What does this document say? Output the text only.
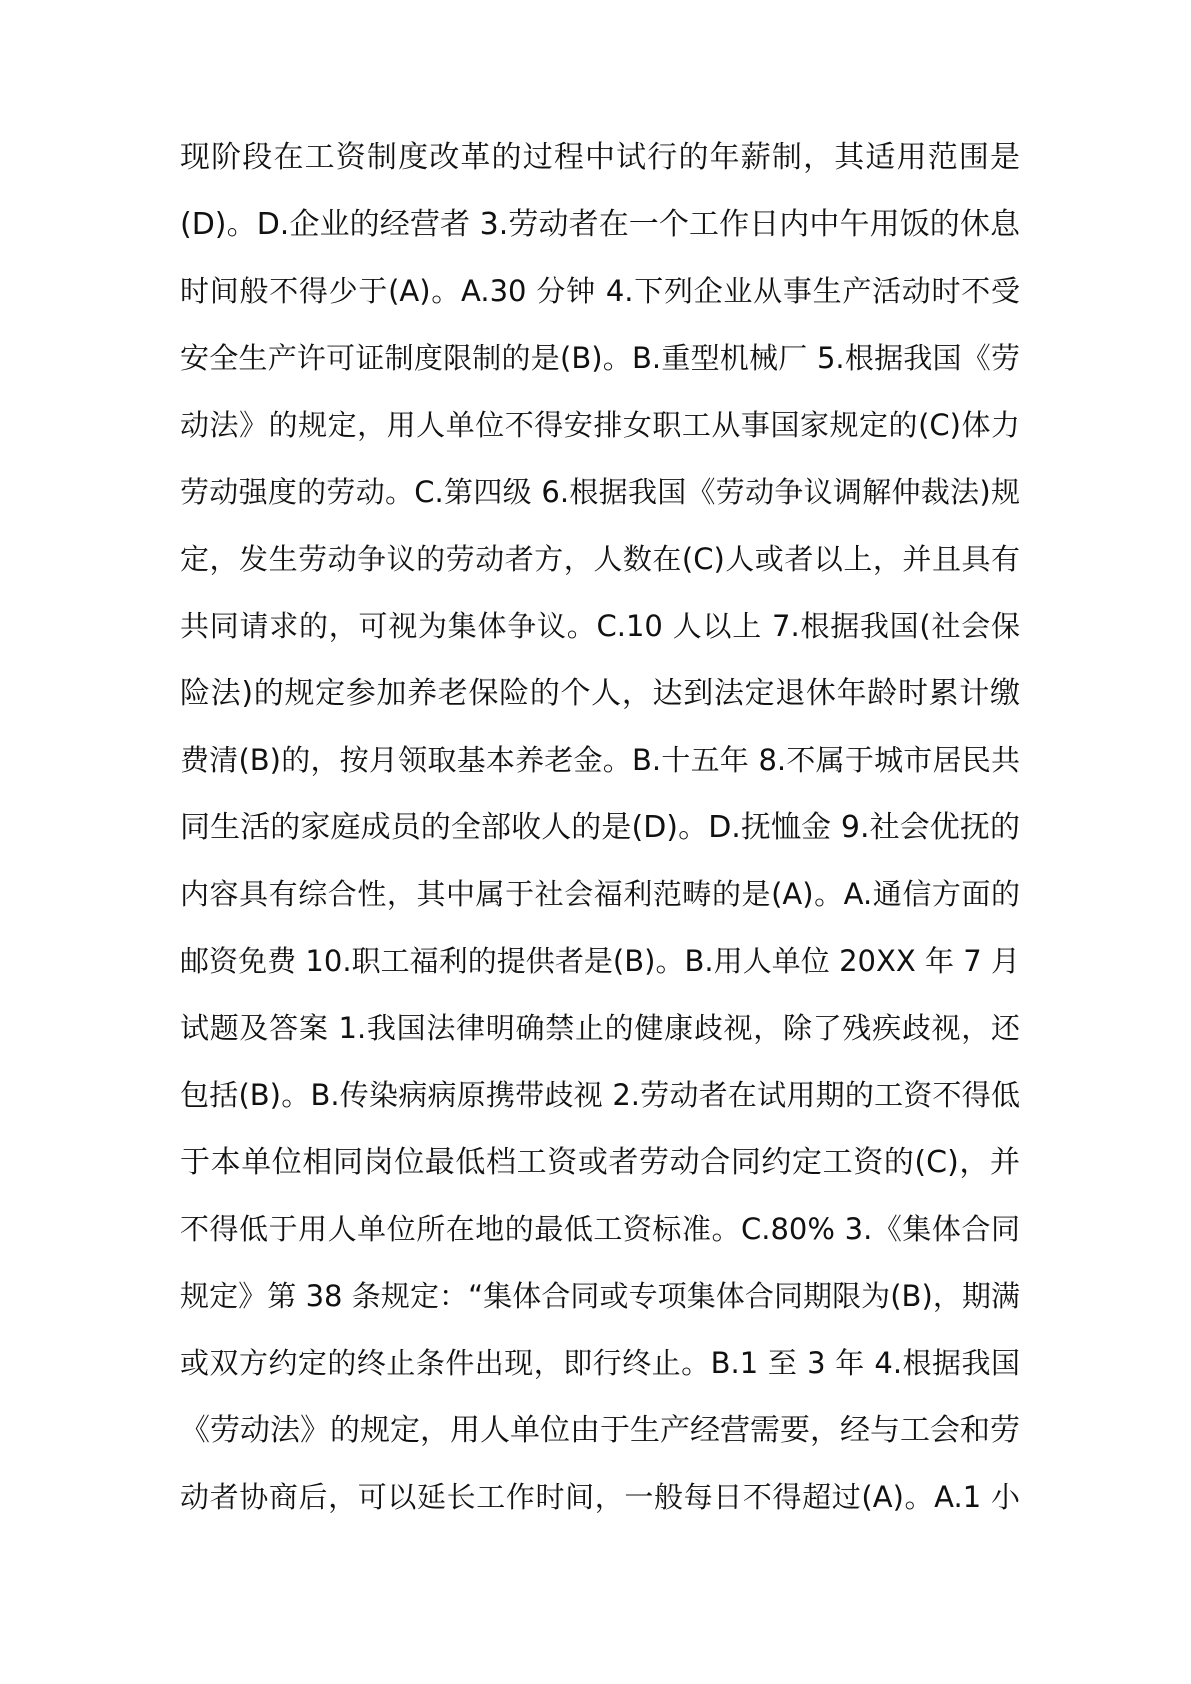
现阶段在工资制度改革的过程中试行的年薪制，其适用范围是
(D)。D.企业的经营者 3.劳动者在一个工作日内中午用饭的休息
时间般不得少于(A)。A.30 分钟 4.下列企业从事生产活动时不受
安全生产许可证制度限制的是(B)。B.重型机械厂 5.根据我国《劳
动法》的规定，用人单位不得安排女职工从事国家规定的(C)体力
劳动强度的劳动。C.第四级 6.根据我国《劳动争议调解仲裁法)规
定，发生劳动争议的劳动者方，人数在(C)人或者以上，并且具有
共同请求的，可视为集体争议。C.10 人以上 7.根据我国(社会保
险法)的规定参加养老保险的个人，达到法定退休年龄时累计缴
费清(B)的，按月领取基本养老金。B.十五年 8.不属于城市居民共
同生活的家庭成员的全部收人的是(D)。D.抚恤金 9.社会优抚的
内容具有综合性，其中属于社会福利范畴的是(A)。A.通信方面的
邮资免费 10.职工福利的提供者是(B)。B.用人单位 20XX 年 7 月
试题及答案 1.我国法律明确禁止的健康歧视，除了残疾歧视，还
包括(B)。B.传染病病原携带歧视 2.劳动者在试用期的工资不得低
于本单位相同岗位最低档工资或者劳动合同约定工资的(C)，并
不得低于用人单位所在地的最低工资标准。C.80% 3.《集体合同
规定》第 38 条规定：“集体合同或专项集体合同期限为(B)，期满
或双方约定的终止条件出现，即行终止。B.1 至 3 年 4.根据我国
《劳动法》的规定，用人单位由于生产经营需要，经与工会和劳
动者协商后，可以延长工作时间，一般每日不得超过(A)。A.1 小
